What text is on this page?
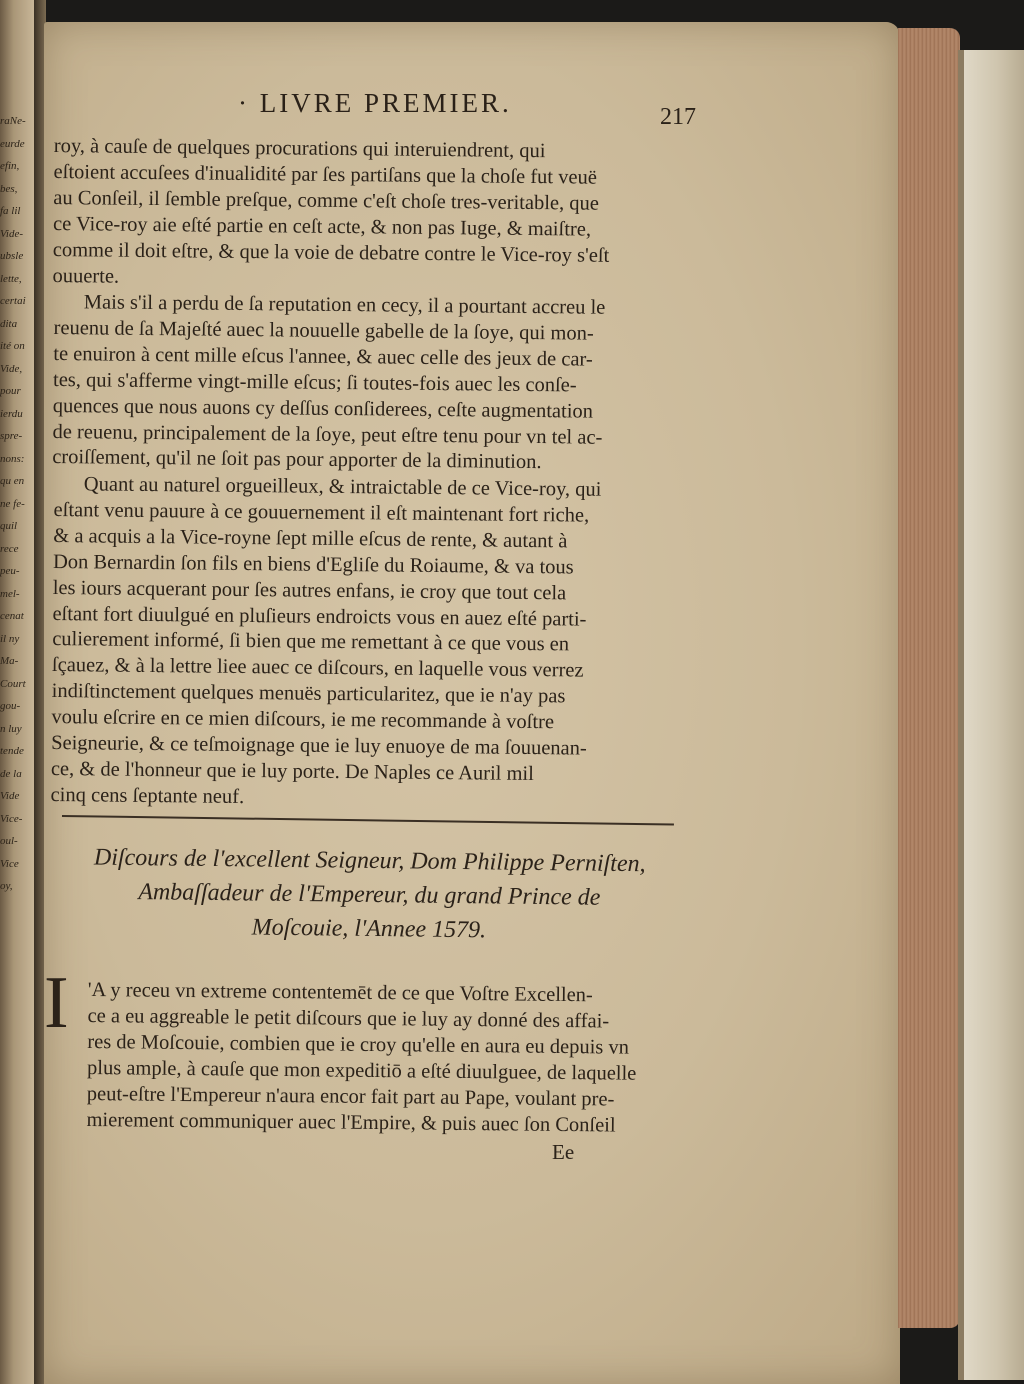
raNe-
eurde
efin,
bes,
fa lil
Vide-
ubsle
lette,
certai
dita
ité on
Vide,
pour
ierdu
spre-
nons:
qu en
ne fe-
quil
rece
peu-
mel-
cenat
il ny
Ma-
Court
gou-
n luy
tende
de la
Vide
Vice-
oul-
Vice
oy,
· LIVRE PREMIER.	217
roy, à cauſe de quelques procurations qui interuiendrent, qui
eſtoient accuſees d'inualidité par ſes partiſans que la choſe fut veuë
au Conſeil, il ſemble preſque, comme c'eſt choſe tres-veritable, que
ce Vice-roy aie eſté partie en ceſt acte, & non pas Iuge, & maiſtre,
comme il doit eſtre, & que la voie de debatre contre le Vice-roy s'eſt
ouuerte.
Mais s'il a perdu de ſa reputation en cecy, il a pourtant accreu le
reuenu de ſa Majeſté auec la nouuelle gabelle de la ſoye, qui mon-
te enuiron à cent mille eſcus l'annee, & auec celle des jeux de car-
tes, qui s'afferme vingt-mille eſcus; ſi toutes-fois auec les conſe-
quences que nous auons cy deſſus conſiderees, ceſte augmentation
de reuenu, principalement de la ſoye, peut eſtre tenu pour vn tel ac-
croiſſement, qu'il ne ſoit pas pour apporter de la diminution.
Quant au naturel orgueilleux, & intraictable de ce Vice-roy, qui
eſtant venu pauure à ce gouuernement il eſt maintenant fort riche,
& a acquis a la Vice-royne ſept mille eſcus de rente, & autant à
Don Bernardin ſon fils en biens d'Egliſe du Roiaume, & va tous
les iours acquerant pour ſes autres enfans, ie croy que tout cela
eſtant fort diuulgué en pluſieurs endroicts vous en auez eſté parti-
culierement informé, ſi bien que me remettant à ce que vous en
ſçauez, & à la lettre liee auec ce diſcours, en laquelle vous verrez
indiſtinctement quelques menuës particularitez, que ie n'ay pas
voulu eſcrire en ce mien diſcours, ie me recommande à voſtre
Seigneurie, & ce teſmoignage que ie luy enuoye de ma ſouuenan-
ce, & de l'honneur que ie luy porte. De Naples ce Auril mil
cinq cens ſeptante neuf.
Diſcours de l'excellent Seigneur, Dom Philippe Perniſten,
Ambaſſadeur de l'Empereur, du grand Prince de
Moſcouie, l'Annee 1579.
I 'A y receu vn extreme contentemēt de ce que Voſtre Excellen-
ce a eu aggreable le petit diſcours que ie luy ay donné des affai-
res de Moſcouie, combien que ie croy qu'elle en aura eu depuis vn
plus ample, à cauſe que mon expeditiō a eſté diuulguee, de laquelle
peut-eſtre l'Empereur n'aura encor fait part au Pape, voulant pre-
mierement communiquer auec l'Empire, & puis auec ſon Conſeil
Ee
